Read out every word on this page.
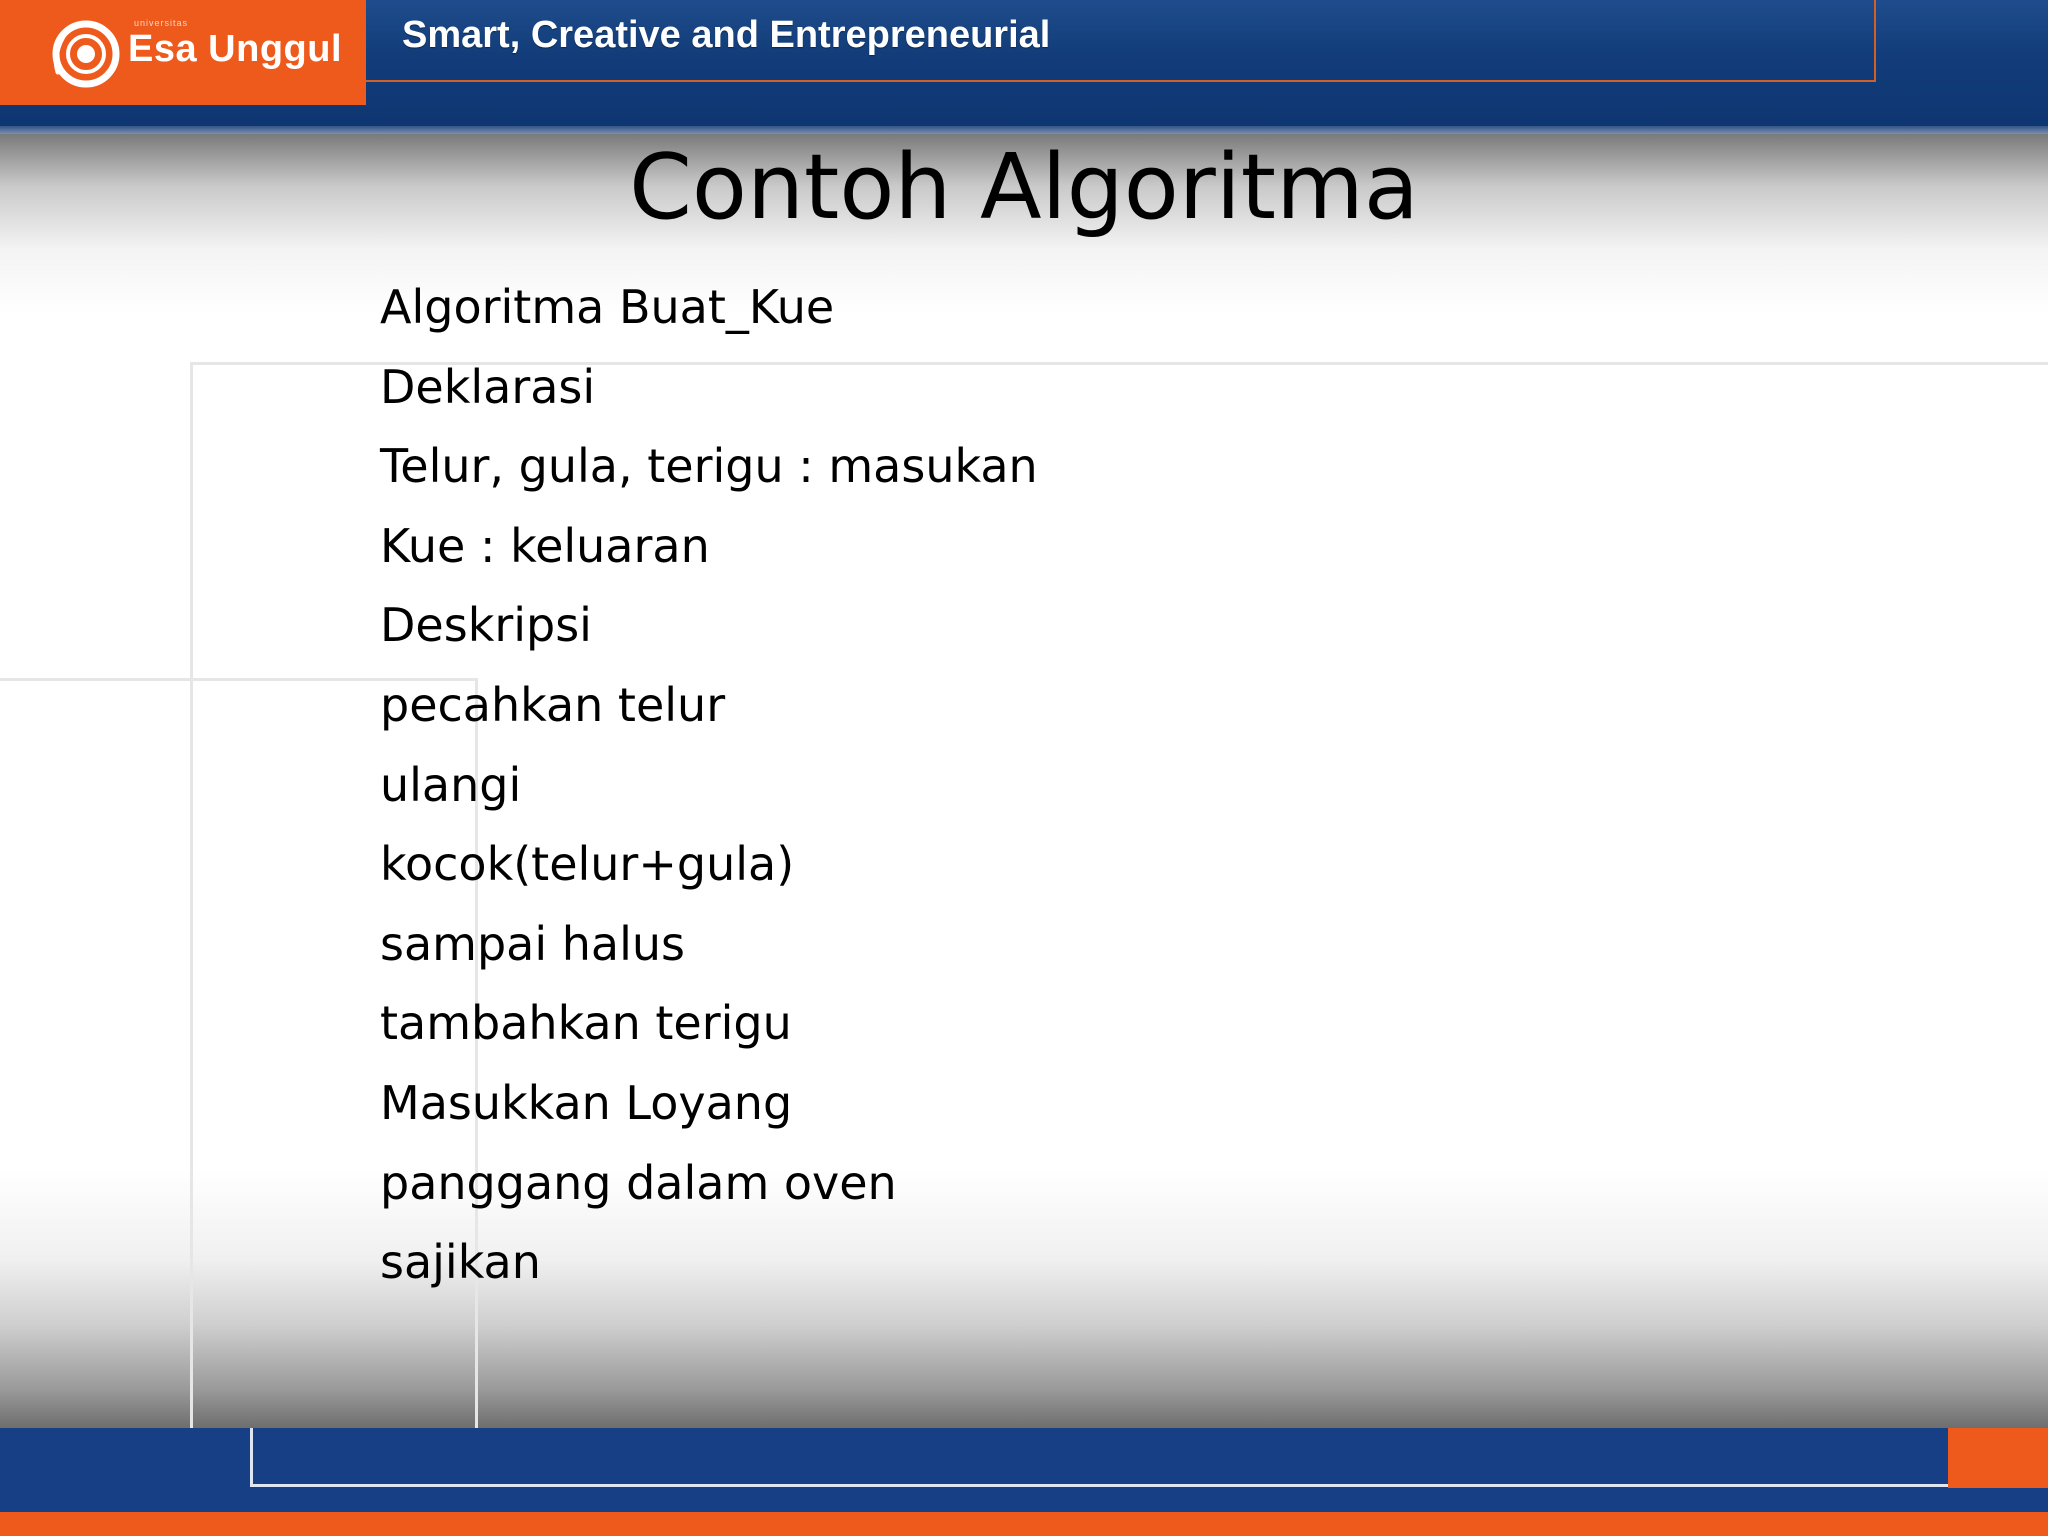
universitas
Esa Unggul Smart, Creative and Entrepreneurial
Contoh Algoritma
Algoritma Buat_Kue
Deklarasi
Telur, gula, terigu : masukan
Kue : keluaran
Deskripsi
pecahkan telur
ulangi
kocok(telur+gula)
sampai halus
tambahkan terigu
Masukkan Loyang
panggang dalam oven
sajikan
